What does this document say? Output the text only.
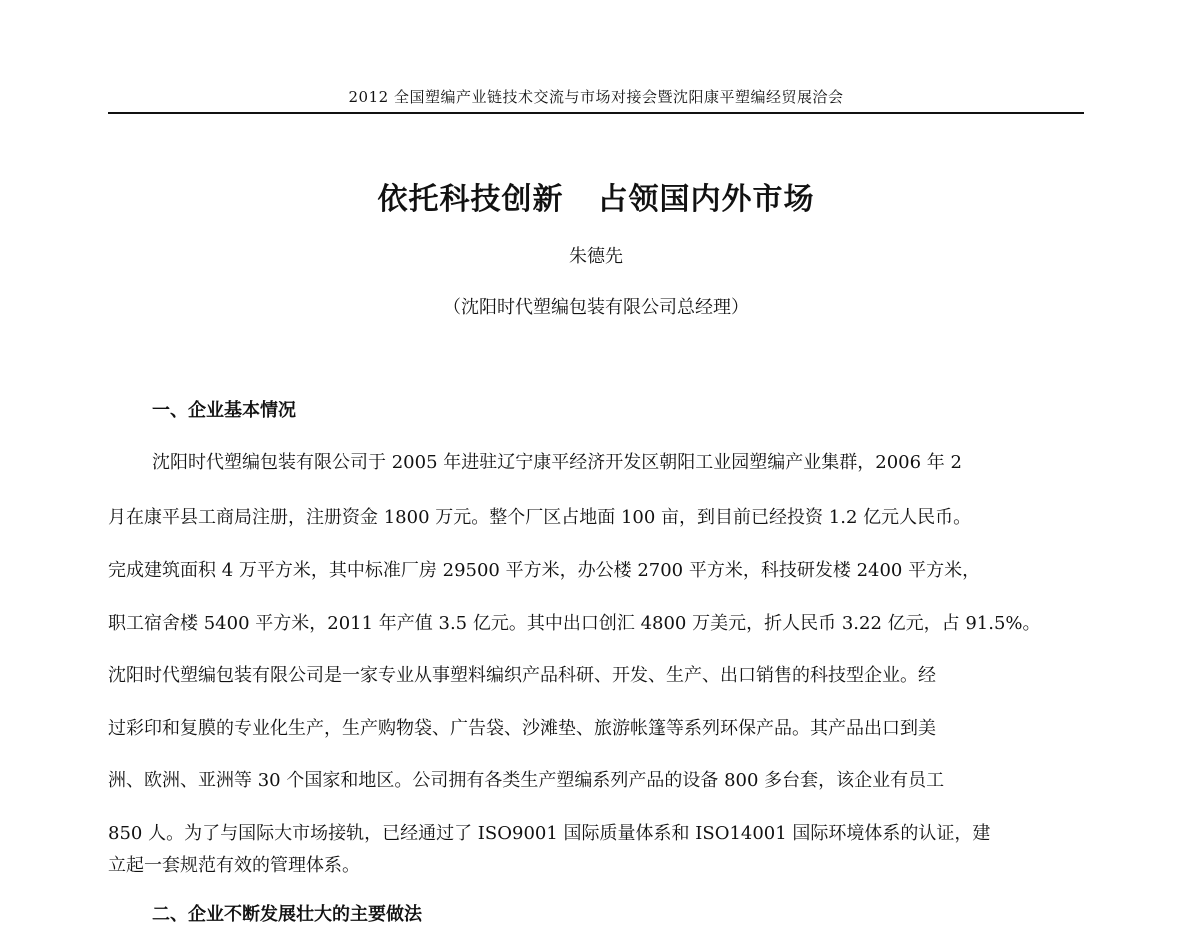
2012 全国塑编产业链技术交流与市场对接会暨沈阳康平塑编经贸展洽会
依托科技创新 占领国内外市场
朱德先
（沈阳时代塑编包装有限公司总经理）
一、企业基本情况
沈阳时代塑编包装有限公司于 2005 年进驻辽宁康平经济开发区朝阳工业园塑编产业集群，2006 年 2
月在康平县工商局注册，注册资金 1800 万元。整个厂区占地面 100 亩，到目前已经投资 1.2 亿元人民币。
完成建筑面积 4 万平方米，其中标准厂房 29500 平方米，办公楼 2700 平方米，科技研发楼 2400 平方米，
职工宿舍楼 5400 平方米，2011 年产值 3.5 亿元。其中出口创汇 4800 万美元，折人民币 3.22 亿元，占 91.5%。
沈阳时代塑编包装有限公司是一家专业从事塑料编织产品科研、开发、生产、出口销售的科技型企业。经
过彩印和复膜的专业化生产，生产购物袋、广告袋、沙滩垫、旅游帐篷等系列环保产品。其产品出口到美
洲、欧洲、亚洲等 30 个国家和地区。公司拥有各类生产塑编系列产品的设备 800 多台套，该企业有员工
850 人。为了与国际大市场接轨，已经通过了 ISO9001 国际质量体系和 ISO14001 国际环境体系的认证，建
立起一套规范有效的管理体系。
二、企业不断发展壮大的主要做法
